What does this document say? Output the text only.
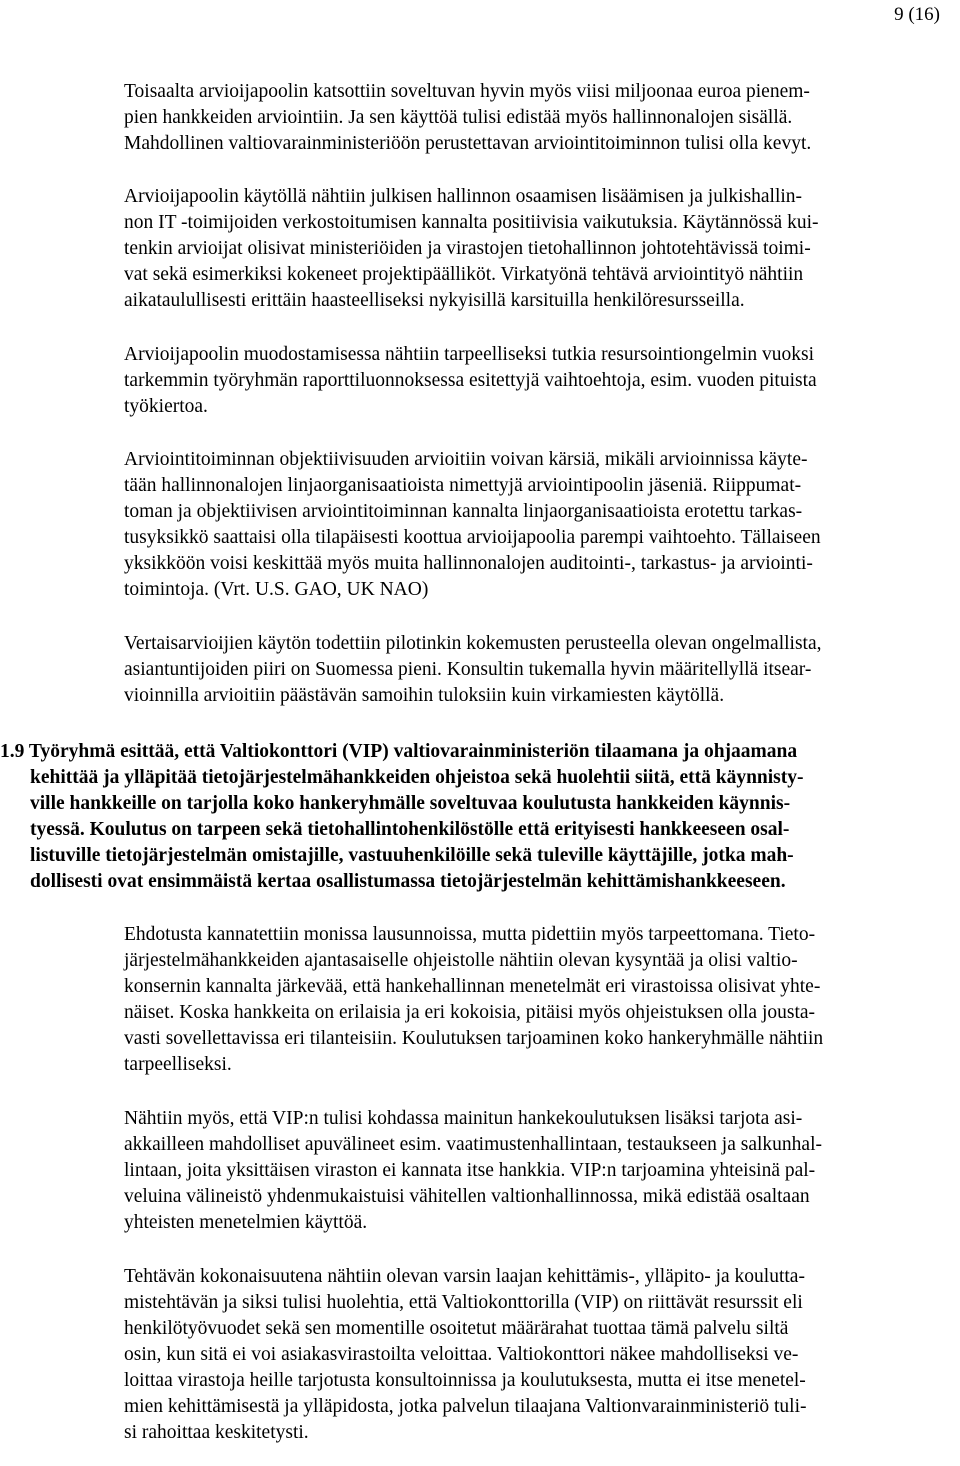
9 (16)
Toisaalta arvioijapoolin katsottiin soveltuvan hyvin myös viisi miljoonaa euroa pienem-
pien hankkeiden arviointiin. Ja sen käyttöä tulisi edistää myös hallinnonalojen sisällä.
Mahdollinen valtiovarainministeriöön perustettavan arviointitoiminnon tulisi olla kevyt.
Arvioijapoolin käytöllä nähtiin julkisen hallinnon osaamisen lisäämisen ja julkishallin-
non IT -toimijoiden verkostoitumisen kannalta positiivisia vaikutuksia. Käytännössä kui-
tenkin arvioijat olisivat ministeriöiden ja virastojen tietohallinnon johtotehtävissä toimi-
vat sekä esimerkiksi kokeneet projektipäälliköt. Virkatyönä tehtävä arviointityö nähtiin
aikataulullisesti erittäin haasteelliseksi nykyisillä karsituilla henkilöresursseilla.
Arvioijapoolin muodostamisessa nähtiin tarpeelliseksi tutkia resursointiongelmin vuoksi
tarkemmin työryhmän raporttiluonnoksessa esitettyjä vaihtoehtoja, esim. vuoden pituista
työkiertoa.
Arviointitoiminnan objektiivisuuden arvioitiin voivan kärsiä, mikäli arvioinnissa käyte-
tään hallinnonalojen linjaorganisaatioista nimettyjä arviointipoolin jäseniä. Riippumat-
toman ja objektiivisen arviointitoiminnan kannalta linjaorganisaatioista erotettu tarkas-
tusyksikkö saattaisi olla tilapäisesti koottua arvioijapoolia parempi vaihtoehto. Tällaiseen
yksikköön voisi keskittää myös muita hallinnonalojen auditointi-, tarkastus- ja arviointi-
toimintoja. (Vrt. U.S. GAO, UK NAO)
Vertaisarvioijien käytön todettiin pilotinkin kokemusten perusteella olevan ongelmallista,
asiantuntijoiden piiri on Suomessa pieni. Konsultin tukemalla hyvin määritellyllä itsear-
vioinnilla arvioitiin päästävän samoihin tuloksiin kuin virkamiesten käytöllä.
1.9 Työryhmä esittää, että Valtiokonttori (VIP) valtiovarainministeriön tilaamana ja ohjaamana
kehittää ja ylläpitää tietojärjestelmähankkeiden ohjeistoa sekä huolehtii siitä, että käynnisty-
ville hankkeille on tarjolla koko hankeryhmälle soveltuvaa koulutusta hankkeiden käynnis-
tyessä. Koulutus on tarpeen sekä tietohallintohenkilöstölle että erityisesti hankkeeseen osal-
listuville tietojärjestelmän omistajille, vastuuhenkilöille sekä tuleville käyttäjille, jotka mah-
dollisesti ovat ensimmäistä kertaa osallistumassa tietojärjestelmän kehittämishankkeeseen.
Ehdotusta kannatettiin monissa lausunnoissa, mutta pidettiin myös tarpeettomana. Tieto-
järjestelmähankkeiden ajantasaiselle ohjeistolle nähtiin olevan kysyntää ja olisi valtio-
konsernin kannalta järkevää, että hankehallinnan menetelmät eri virastoissa olisivat yhte-
näiset. Koska hankkeita on erilaisia ja eri kokoisia, pitäisi myös ohjeistuksen olla jousta-
vasti sovellettavissa eri tilanteisiin. Koulutuksen tarjoaminen koko hankeryhmälle nähtiin
tarpeelliseksi.
Nähtiin myös, että VIP:n tulisi kohdassa mainitun hankekoulutuksen lisäksi tarjota asi-
akkailleen mahdolliset apuvälineet esim. vaatimustenhallintaan, testaukseen ja salkunhal-
lintaan, joita yksittäisen viraston ei kannata itse hankkia. VIP:n tarjoamina yhteisinä pal-
veluina välineistö yhdenmukaistuisi vähitellen valtionhallinnossa, mikä edistää osaltaan
yhteisten menetelmien käyttöä.
Tehtävän kokonaisuutena nähtiin olevan varsin laajan kehittämis-, ylläpito- ja koulutta-
mistehtävän ja siksi tulisi huolehtia, että Valtiokonttorilla (VIP) on riittävät resurssit eli
henkilötyövuodet sekä sen momentille osoitetut määrärahat tuottaa tämä palvelu siltä
osin, kun sitä ei voi asiakasvirastoilta veloittaa. Valtiokonttori näkee mahdolliseksi ve-
loittaa virastoja heille tarjotusta konsultoinnissa ja koulutuksesta, mutta ei itse menetel-
mien kehittämisestä ja ylläpidosta, jotka palvelun tilaajana Valtionvarainministeriö tuli-
si rahoittaa keskitetysti.
